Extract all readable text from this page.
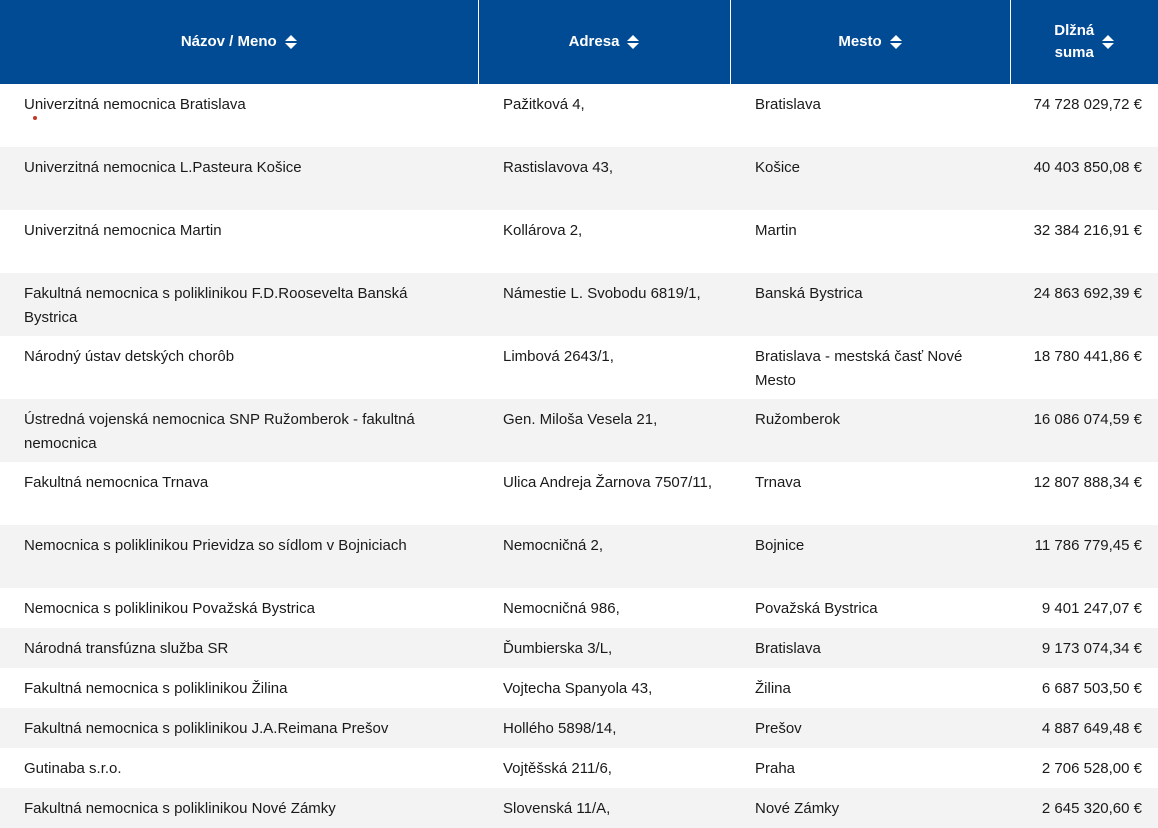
Názov / Meno	Adresa	Mesto	Dlžná
suma

Univerzitná nemocnica Bratislava	Pažitková 4,	Bratislava	74 728 029,72 €
Univerzitná nemocnica L.Pasteura Košice	Rastislavova 43,	Košice	40 403 850,08 €
Univerzitná nemocnica Martin	Kollárova 2,	Martin	32 384 216,91 €
Fakultná nemocnica s poliklinikou F.D.Roosevelta Banská Bystrica	Námestie L. Svobodu 6819/1,	Banská Bystrica	24 863 692,39 €
Národný ústav detských chorôb	Limbová 2643/1,	Bratislava - mestská časť Nové Mesto	18 780 441,86 €
Ústredná vojenská nemocnica SNP Ružomberok - fakultná nemocnica	Gen. Miloša Vesela 21,	Ružomberok	16 086 074,59 €
Fakultná nemocnica Trnava	Ulica Andreja Žarnova 7507/11,	Trnava	12 807 888,34 €
Nemocnica s poliklinikou Prievidza so sídlom v Bojniciach	Nemocničná 2,	Bojnice	11 786 779,45 €
Nemocnica s poliklinikou Považská Bystrica	Nemocničná 986,	Považská Bystrica	9 401 247,07 €
Národná transfúzna služba SR	Ďumbierska 3/L,	Bratislava	9 173 074,34 €
Fakultná nemocnica s poliklinikou Žilina	Vojtecha Spanyola 43,	Žilina	6 687 503,50 €
Fakultná nemocnica s poliklinikou J.A.Reimana Prešov	Hollého 5898/14,	Prešov	4 887 649,48 €
Gutinaba s.r.o.	Vojtěšská 211/6,	Praha	2 706 528,00 €
Fakultná nemocnica s poliklinikou Nové Zámky	Slovenská 11/A,	Nové Zámky	2 645 320,60 €
